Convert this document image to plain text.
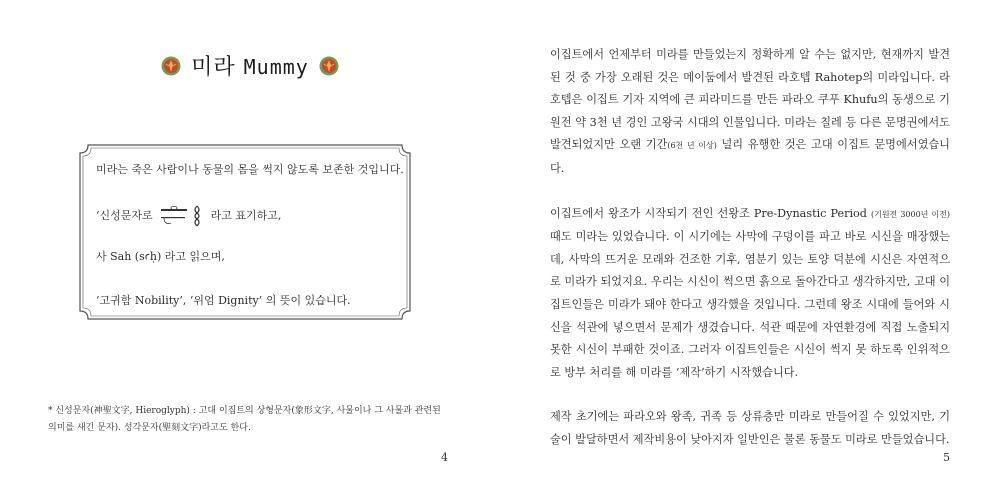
미라 Mummy

미라는 죽은 사람이나 동물의 몸을 썩지 않도록 보존한 것입니다.

‘신성문자로	라고 표기하고,

사 Sah (sꜥḥ) 라고 읽으며,

‘고귀함 Nobility’, ‘위엄 Dignity’ 의 뜻이 있습니다.

* 신성문자(神聖文字, Hieroglyph) : 고대 이집트의 상형문자(象形文字, 사물이나 그 사물과 관련된
의미를 새긴 문자). 성각문자(聖刻文字)라고도 한다.
4

이집트에서 언제부터 미라를 만들었는지 정확하게 알 수는 없지만, 현재까지 발견된 것 중 가장 오래된 것은 메이둠에서 발견된 라호텝 Rahotep의 미라입니다. 라호텝은 이집트 기자 지역에 큰 피라미드를 만든 파라오 쿠푸 Khufu의 동생으로 기원전 약 3천 년 경인 고왕국 시대의 인물입니다. 미라는 칠레 등 다른 문명권에서도 발견되었지만 오랜 기간(6천 년 이상) 널리 유행한 것은 고대 이집트 문명에서였습니다.

이집트에서 왕조가 시작되기 전인 선왕조 Pre-Dynastic Period (기원전 3000년 이전) 때도 미라는 있었습니다. 이 시기에는 사막에 구덩이를 파고 바로 시신을 매장했는데, 사막의 뜨거운 모래와 건조한 기후, 염분기 있는 토양 덕분에 시신은 자연적으로 미라가 되었지요. 우리는 시신이 썩으면 흙으로 돌아간다고 생각하지만, 고대 이집트인들은 미라가 돼야 한다고 생각했을 것입니다. 그런데 왕조 시대에 들어와 시신을 석관에 넣으면서 문제가 생겼습니다. 석관 때문에 자연환경에 직접 노출되지 못한 시신이 부패한 것이죠. 그러자 이집트인들은 시신이 썩지 못 하도록 인위적으로 방부 처리를 해 미라를 ‘제작’하기 시작했습니다.

제작 초기에는 파라오와 왕족, 귀족 등 상류층만 미라로 만들어질 수 있었지만, 기술이 발달하면서 제작비용이 낮아지자 일반인은 물론 동물도 미라로 만들었습니다.

5
